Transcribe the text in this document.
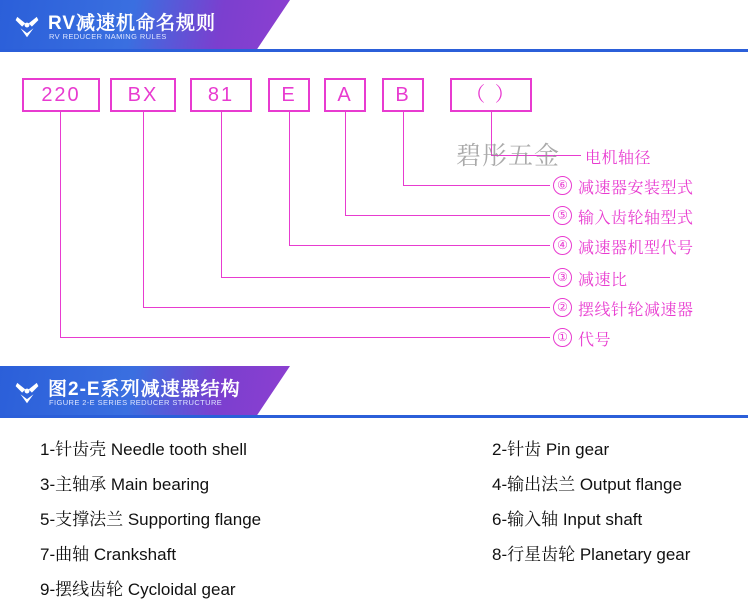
RV减速机命名规则
RV REDUCER NAMING RULES
220	BX	81	E	A	B	（ ）
① 代号
② 摆线针轮减速器
③ 减速比
④ 减速器机型代号
⑤ 输入齿轮轴型式
⑥ 减速器安装型式
电机轴径
碧彤五金
图2-E系列减速器结构
FIGURE 2-E SERIES REDUCER STRUCTURE
1-针齿壳 Needle tooth shell	2-针齿 Pin gear
3-主轴承 Main bearing	4-输出法兰 Output flange
5-支撑法兰 Supporting flange	6-输入轴 Input shaft
7-曲轴 Crankshaft	8-行星齿轮 Planetary gear
9-摆线齿轮 Cycloidal gear
